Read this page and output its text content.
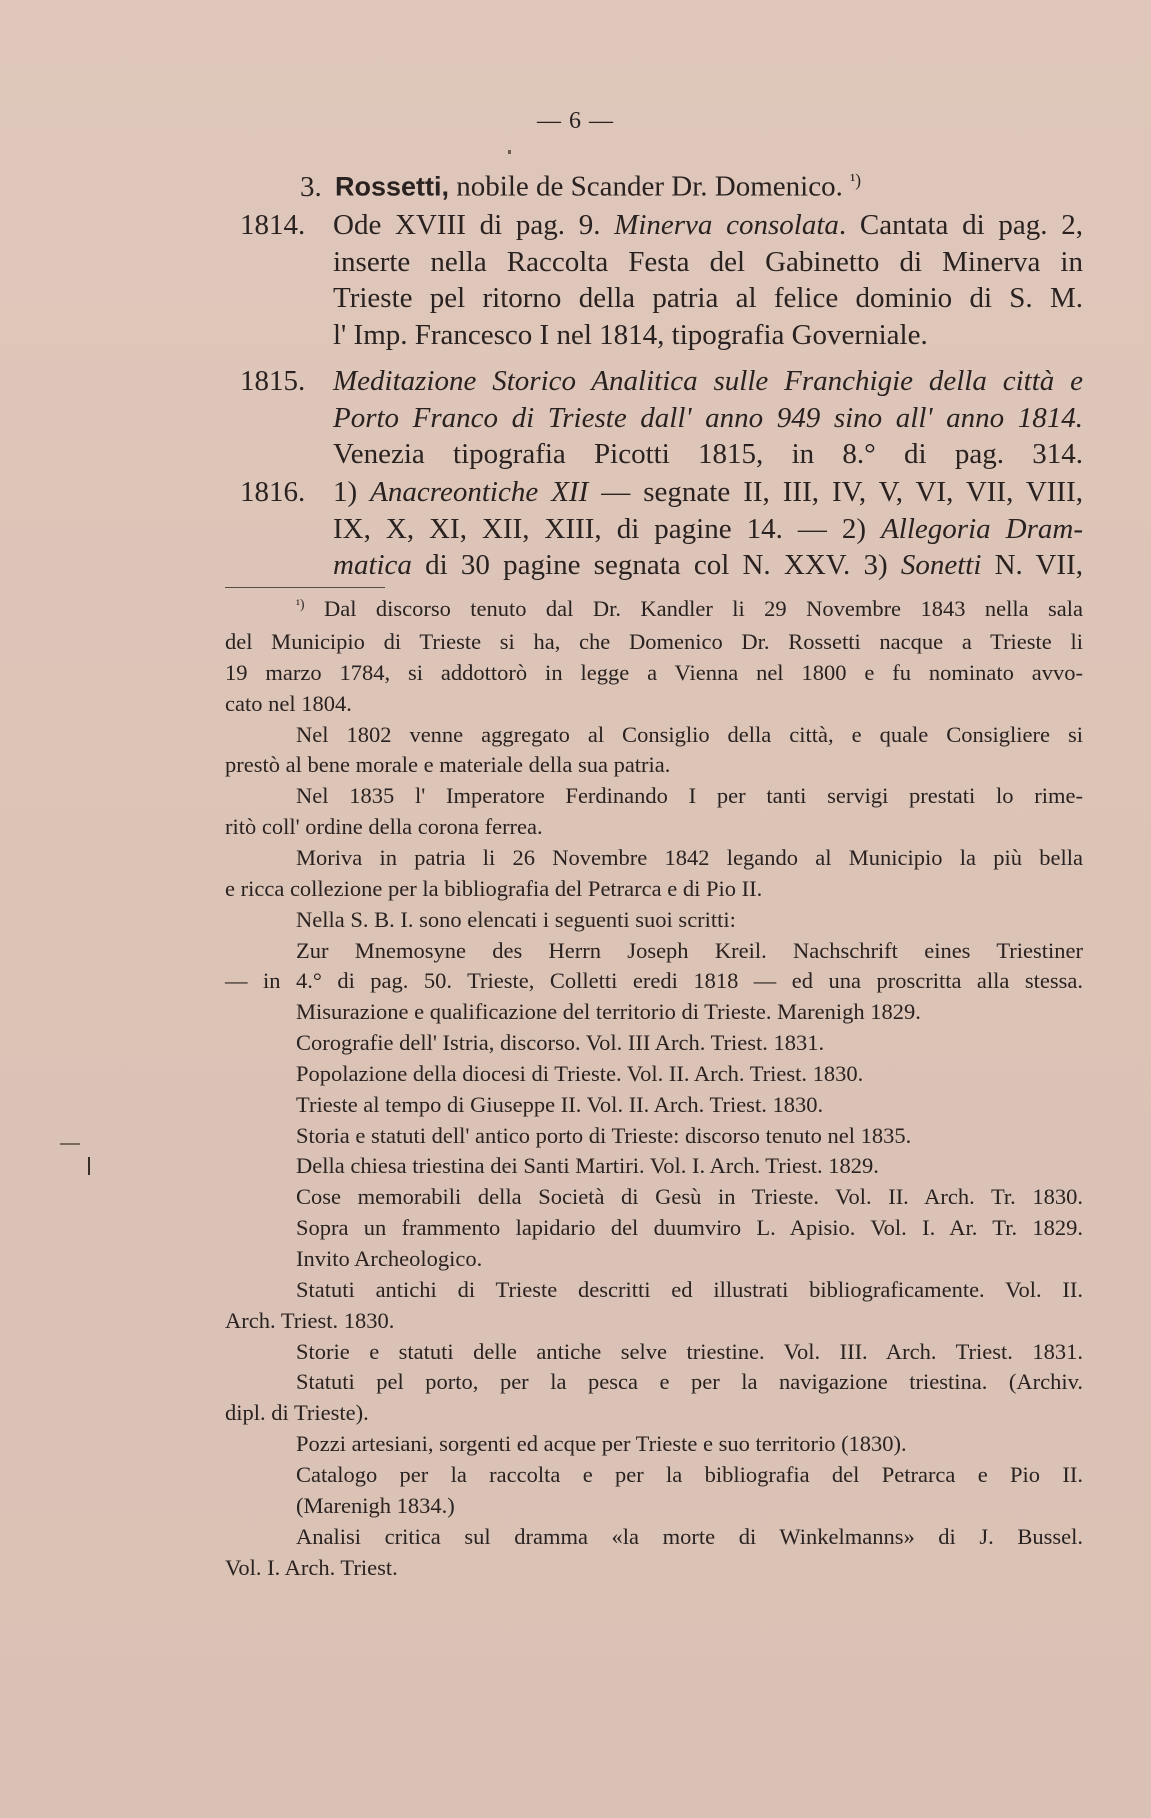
— 6 —
3. Rossetti, nobile de Scander Dr. Domenico. $^{^1)}$
1814. Ode XVIII di pag. 9. Minerva consolata. Cantata di pag. 2,
inserte nella Raccolta Festa del Gabinetto di Minerva in
Trieste pel ritorno della patria al felice dominio di S. M.
l' Imp. Francesco I nel 1814, tipografia Governiale.
1815. Meditazione Storico Analitica sulle Franchigie della città e
Porto Franco di Trieste dall' anno 949 sino all' anno 1814.
Venezia tipografia Picotti 1815, in 8.° di pag. 314.
1816. 1) Anacreontiche XII — segnate II, III, IV, V, VI, VII, VIII,
IX, X, XI, XII, XIII, di pagine 14. — 2) Allegoria Dram-
matica di 30 pagine segnata col N. XXV. 3) Sonetti N. VII,
$^{^1)}$ Dal discorso tenuto dal Dr. Kandler li 29 Novembre 1843 nella sala
del Municipio di Trieste si ha, che Domenico Dr. Rossetti nacque a Trieste li
19 marzo 1784, si addottorò in legge a Vienna nel 1800 e fu nominato avvo-
cato nel 1804.
Nel 1802 venne aggregato al Consiglio della città, e quale Consigliere si
prestò al bene morale e materiale della sua patria.
Nel 1835 l' Imperatore Ferdinando I per tanti servigi prestati lo rime-
ritò coll' ordine della corona ferrea.
Moriva in patria li 26 Novembre 1842 legando al Municipio la più bella
e ricca collezione per la bibliografia del Petrarca e di Pio II.
Nella S. B. I. sono elencati i seguenti suoi scritti:
Zur Mnemosyne des Herrn Joseph Kreil. Nachschrift eines Triestiner
— in 4.° di pag. 50. Trieste, Colletti eredi 1818 — ed una proscritta alla stessa.
Misurazione e qualificazione del territorio di Trieste. Marenigh 1829.
Corografie dell' Istria, discorso. Vol. III Arch. Triest. 1831.
Popolazione della diocesi di Trieste. Vol. II. Arch. Triest. 1830.
Trieste al tempo di Giuseppe II. Vol. II. Arch. Triest. 1830.
Storia e statuti dell' antico porto di Trieste: discorso tenuto nel 1835.
Della chiesa triestina dei Santi Martiri. Vol. I. Arch. Triest. 1829.
Cose memorabili della Società di Gesù in Trieste. Vol. II. Arch. Tr. 1830.
Sopra un frammento lapidario del duumviro L. Apisio. Vol. I. Ar. Tr. 1829.
Invito Archeologico.
Statuti antichi di Trieste descritti ed illustrati bibliograficamente. Vol. II.
Arch. Triest. 1830.
Storie e statuti delle antiche selve triestine. Vol. III. Arch. Triest. 1831.
Statuti pel porto, per la pesca e per la navigazione triestina. (Archiv.
dipl. di Trieste).
Pozzi artesiani, sorgenti ed acque per Trieste e suo territorio (1830).
Catalogo per la raccolta e per la bibliografia del Petrarca e Pio II.
(Marenigh 1834.)
Analisi critica sul dramma «la morte di Winkelmanns» di J. Bussel.
Vol. I. Arch. Triest.
